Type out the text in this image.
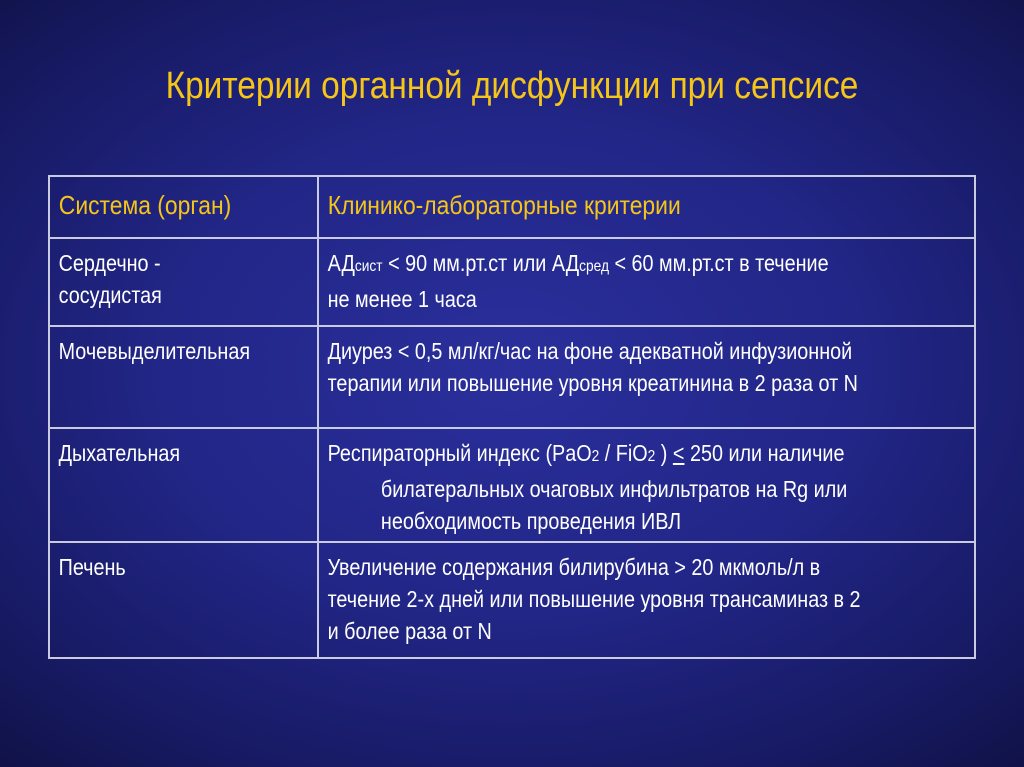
Критерии органной дисфункции при сепсисе
Система (орган)	Клинико-лабораторные критерии

Сердечно -
сосудистая	АДсист < 90 мм.рт.ст или АДсред < 60 мм.рт.ст в течение
не менее 1 часа

Мочевыделительная	Диурез < 0,5 мл/кг/час на фоне адекватной инфузионной
терапии или повышение уровня креатинина в 2 раза от N

Дыхательная	Респираторный индекс (PaO2 / FiO2 ) ≤ 250 или наличие
билатеральных очаговых инфильтратов на Rg или
необходимость проведения ИВЛ

Печень	Увеличение содержания билирубина > 20 мкмоль/л в
течение 2-х дней или повышение уровня трансаминаз в 2
и более раза от N
